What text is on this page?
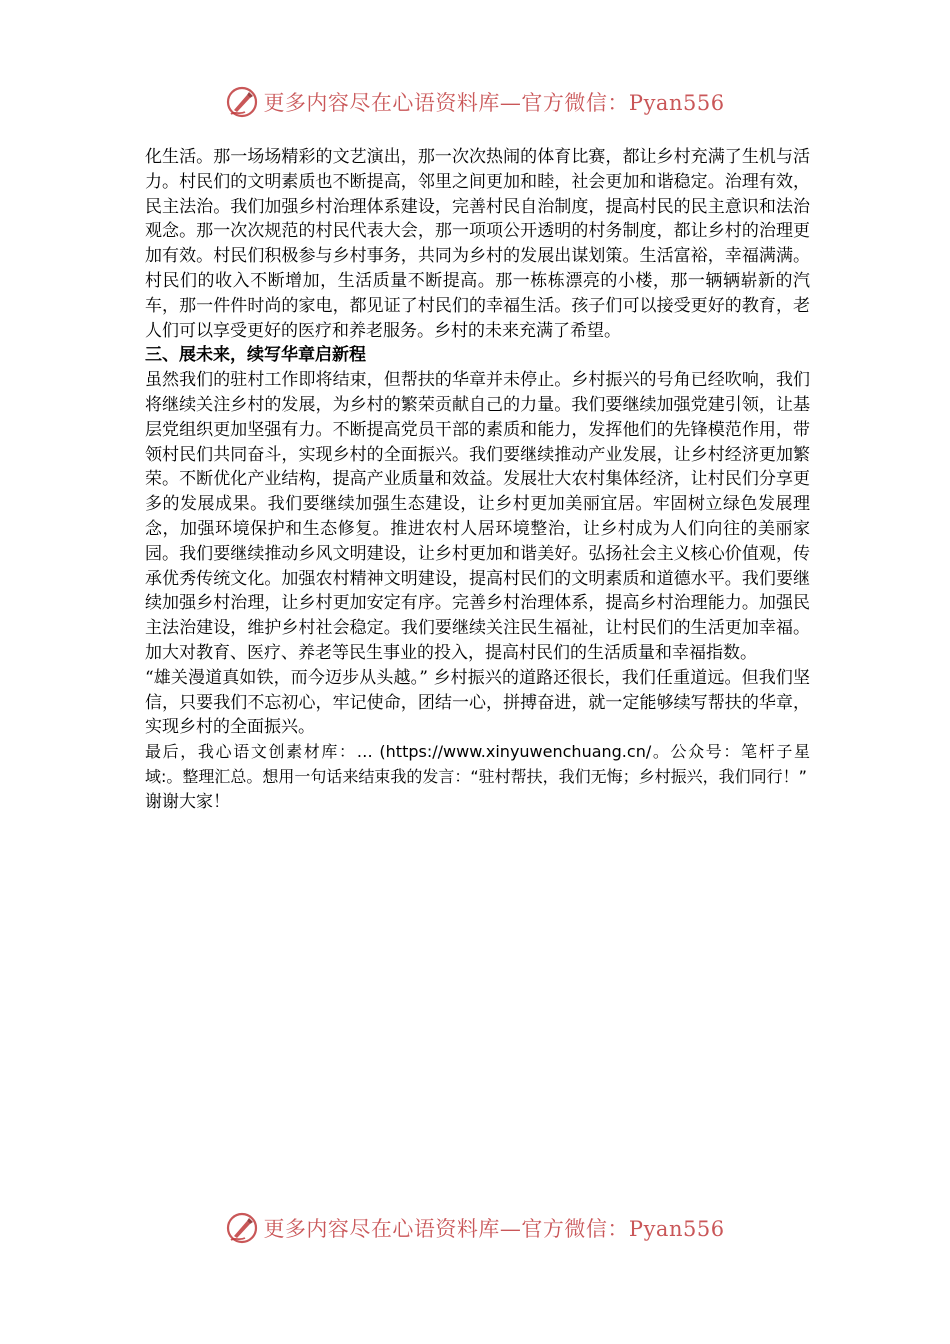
更多内容尽在心语资料库—官方微信：Pyan556

化生活。那一场场精彩的文艺演出，那一次次热闹的体育比赛，都让乡村充满了生机与活力。村民们的文明素质也不断提高，邻里之间更加和睦，社会更加和谐稳定。治理有效，民主法治。我们加强乡村治理体系建设，完善村民自治制度，提高村民的民主意识和法治观念。那一次次规范的村民代表大会，那一项项公开透明的村务制度，都让乡村的治理更加有效。村民们积极参与乡村事务，共同为乡村的发展出谋划策。生活富裕，幸福满满。村民们的收入不断增加，生活质量不断提高。那一栋栋漂亮的小楼，那一辆辆崭新的汽车，那一件件时尚的家电，都见证了村民们的幸福生活。孩子们可以接受更好的教育，老人们可以享受更好的医疗和养老服务。乡村的未来充满了希望。

三、展未来，续写华章启新程

虽然我们的驻村工作即将结束，但帮扶的华章并未停止。乡村振兴的号角已经吹响，我们将继续关注乡村的发展，为乡村的繁荣贡献自己的力量。我们要继续加强党建引领，让基层党组织更加坚强有力。不断提高党员干部的素质和能力，发挥他们的先锋模范作用，带领村民们共同奋斗，实现乡村的全面振兴。我们要继续推动产业发展，让乡村经济更加繁荣。不断优化产业结构，提高产业质量和效益。发展壮大农村集体经济，让村民们分享更多的发展成果。我们要继续加强生态建设，让乡村更加美丽宜居。牢固树立绿色发展理念，加强环境保护和生态修复。推进农村人居环境整治，让乡村成为人们向往的美丽家园。我们要继续推动乡风文明建设，让乡村更加和谐美好。弘扬社会主义核心价值观，传承优秀传统文化。加强农村精神文明建设，提高村民们的文明素质和道德水平。我们要继续加强乡村治理，让乡村更加安定有序。完善乡村治理体系，提高乡村治理能力。加强民主法治建设，维护乡村社会稳定。我们要继续关注民生福祉，让村民们的生活更加幸福。加大对教育、医疗、养老等民生事业的投入，提高村民们的生活质量和幸福指数。

“雄关漫道真如铁，而今迈步从头越。” 乡村振兴的道路还很长，我们任重道远。但我们坚信，只要我们不忘初心，牢记使命，团结一心，拼搏奋进，就一定能够续写帮扶的华章，实现乡村的全面振兴。

最后，我心语文创素材库：… (https://www.xinyuwenchuang.cn/。公众号：笔杆子星域:。整理汇总。想用一句话来结束我的发言：“驻村帮扶，我们无悔；乡村振兴，我们同行！”

谢谢大家！

更多内容尽在心语资料库—官方微信：Pyan556
